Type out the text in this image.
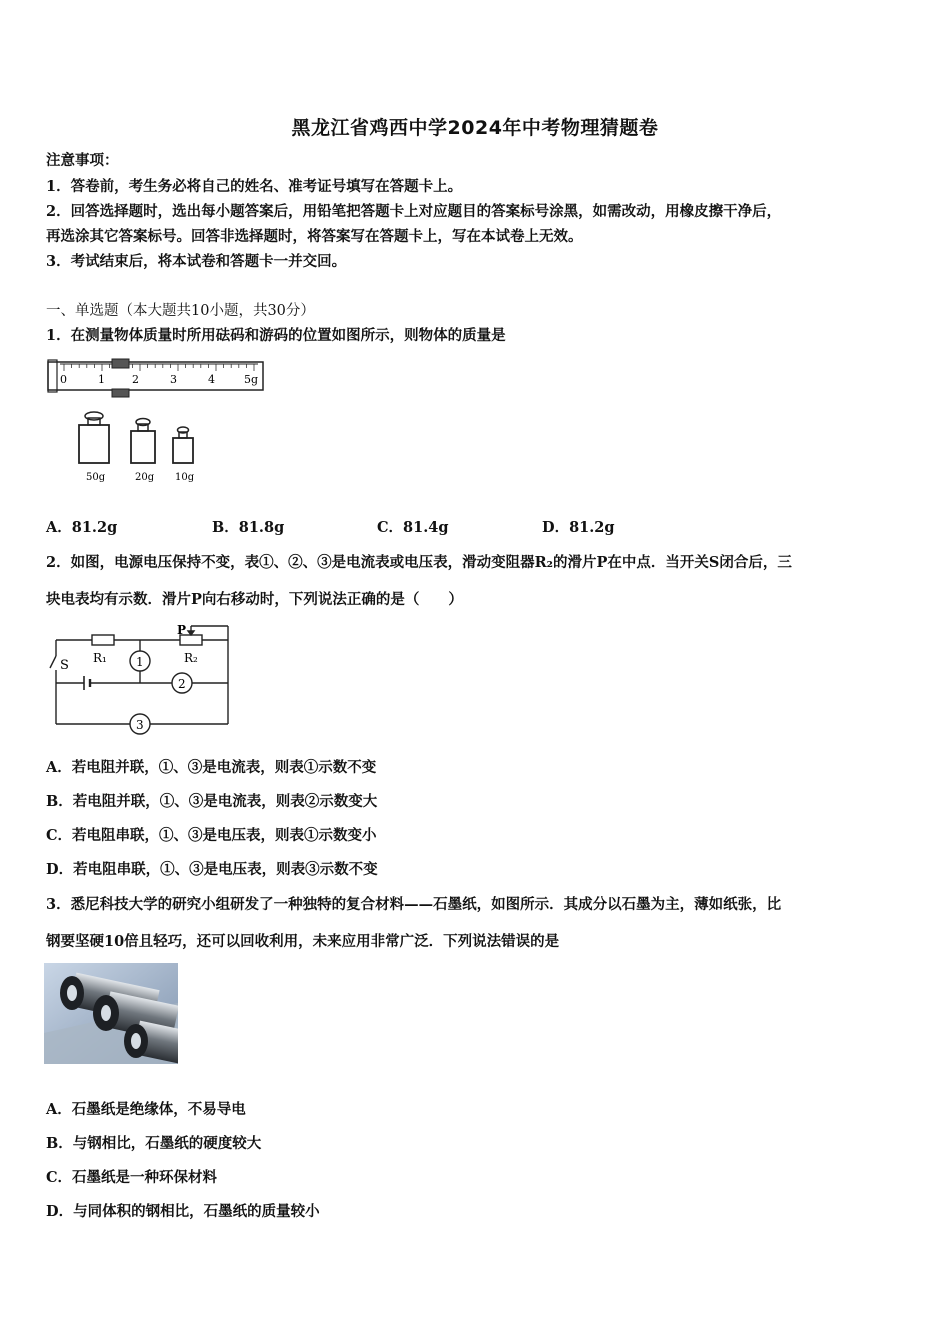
黑龙江省鸡西中学2024年中考物理猜题卷
注意事项：
1．答卷前，考生务必将自己的姓名、准考证号填写在答题卡上。
2．回答选择题时，选出每小题答案后，用铅笔把答题卡上对应题目的答案标号涂黑，如需改动，用橡皮擦干净后，
再选涂其它答案标号。回答非选择题时，将答案写在答题卡上，写在本试卷上无效。
3．考试结束后，将本试卷和答题卡一并交回。
一、单选题（本大题共10小题，共30分）
1．在测量物体质量时所用砝码和游码的位置如图所示，则物体的质量是
0	1 2	3	4	5g
50g	20g 10g
A．81.2g	B．81.8g	C．81.4g	D．81.2g
2．如图，电源电压保持不变，表①、②、③是电流表或电压表，滑动变阻器R₂的滑片P在中点．当开关S闭合后，三
块电表均有示数．滑片P向右移动时，下列说法正确的是（　　）
S R₁	R₂
P
1
2
3
A．若电阻并联，①、③是电流表，则表①示数不变
B．若电阻并联，①、③是电流表，则表②示数变大
C．若电阻串联，①、③是电压表，则表①示数变小
D．若电阻串联，①、③是电压表，则表③示数不变
3．悉尼科技大学的研究小组研发了一种独特的复合材料——石墨纸，如图所示．其成分以石墨为主，薄如纸张，比
钢要坚硬10倍且轻巧，还可以回收利用，未来应用非常广泛．下列说法错误的是
A．石墨纸是绝缘体，不易导电
B．与钢相比，石墨纸的硬度较大
C．石墨纸是一种环保材料
D．与同体积的钢相比，石墨纸的质量较小
